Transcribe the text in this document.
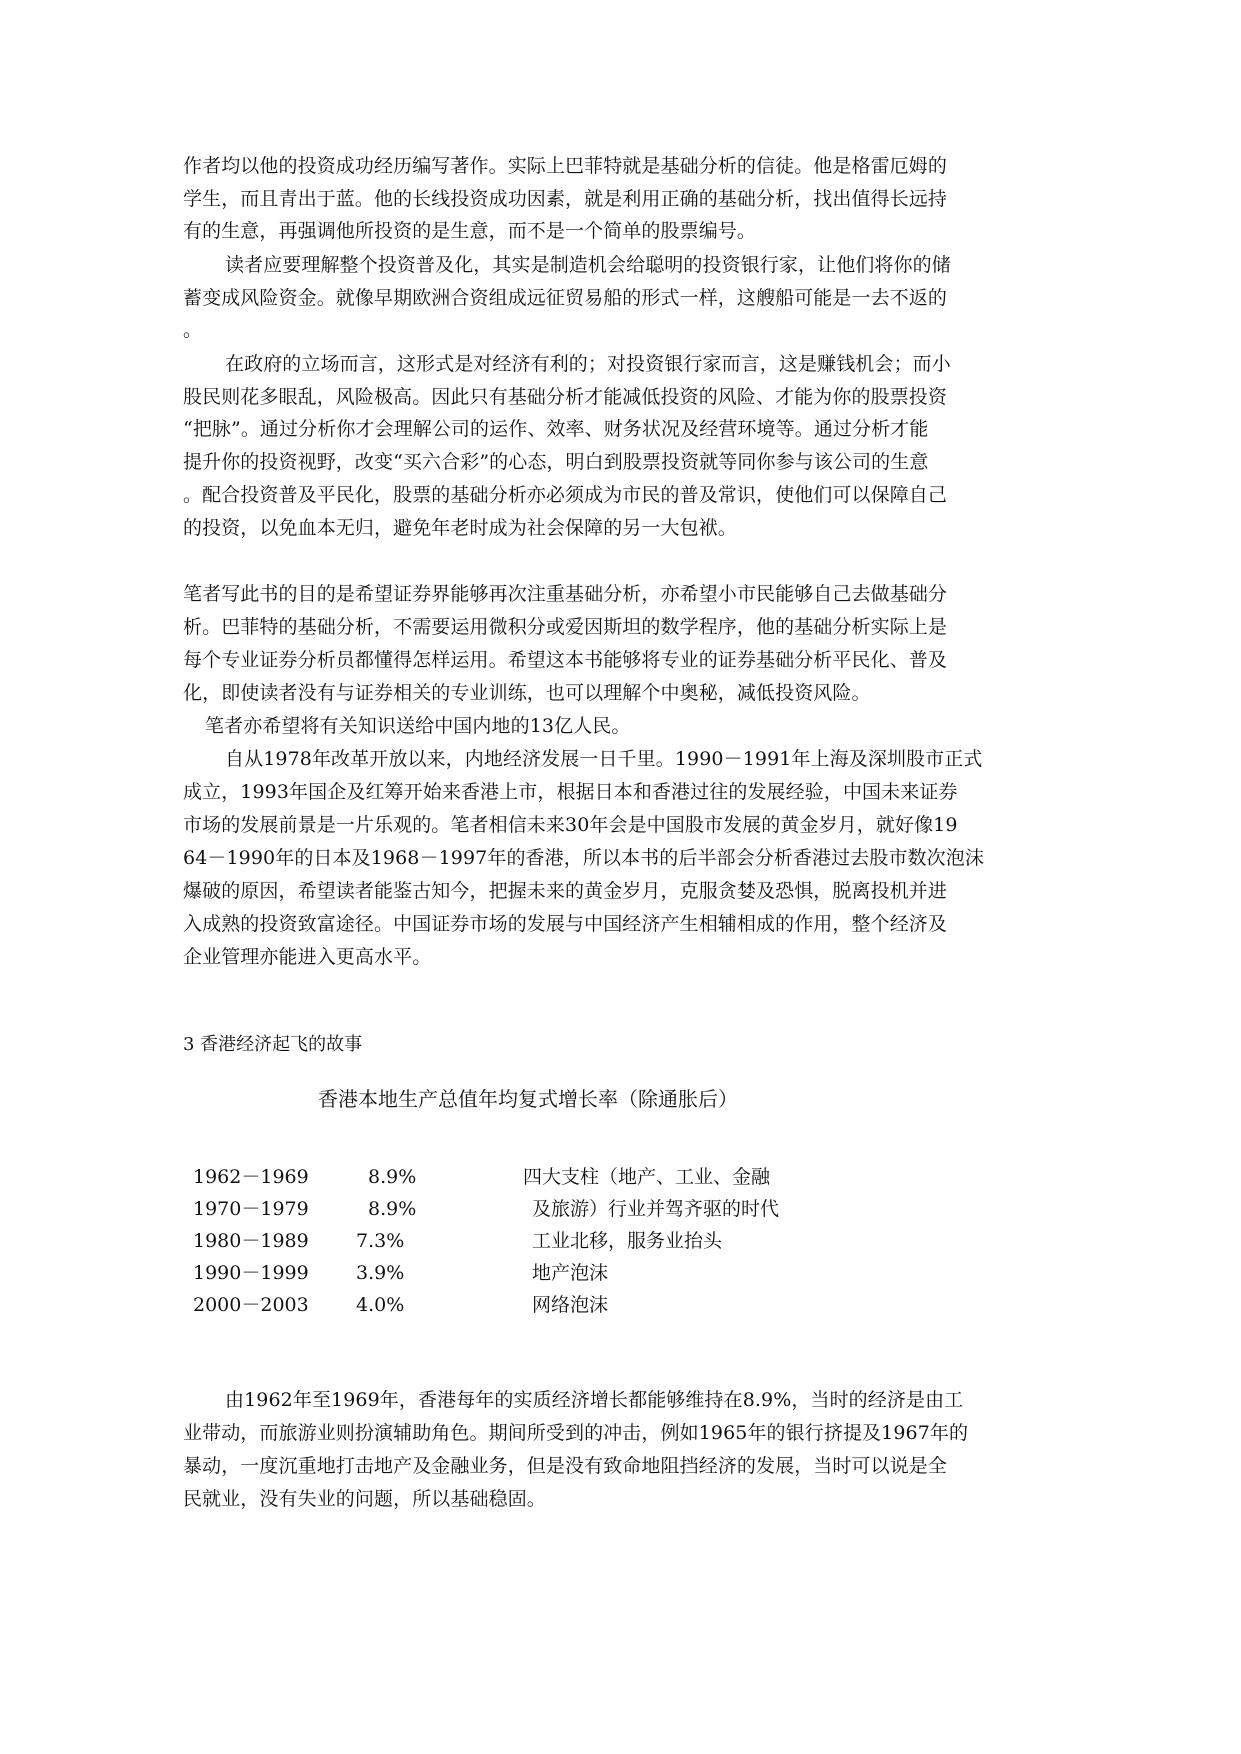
作者均以他的投资成功经历编写著作。实际上巴菲特就是基础分析的信徒。他是格雷厄姆的
学生，而且青出于蓝。他的长线投资成功因素，就是利用正确的基础分析，找出值得长远持
有的生意，再强调他所投资的是生意，而不是一个简单的股票编号。
读者应要理解整个投资普及化，其实是制造机会给聪明的投资银行家，让他们将你的储
蓄变成风险资金。就像早期欧洲合资组成远征贸易船的形式一样，这艘船可能是一去不返的
。
在政府的立场而言，这形式是对经济有利的；对投资银行家而言，这是赚钱机会；而小
股民则花多眼乱，风险极高。因此只有基础分析才能减低投资的风险、才能为你的股票投资
“把脉”。通过分析你才会理解公司的运作、效率、财务状况及经营环境等。通过分析才能
提升你的投资视野，改变“买六合彩”的心态，明白到股票投资就等同你参与该公司的生意
。配合投资普及平民化，股票的基础分析亦必须成为市民的普及常识，使他们可以保障自己
的投资，以免血本无归，避免年老时成为社会保障的另一大包袱。
笔者写此书的目的是希望证券界能够再次注重基础分析，亦希望小市民能够自己去做基础分
析。巴菲特的基础分析，不需要运用微积分或爱因斯坦的数学程序，他的基础分析实际上是
每个专业证券分析员都懂得怎样运用。希望这本书能够将专业的证券基础分析平民化、普及
化，即使读者没有与证券相关的专业训练，也可以理解个中奥秘，减低投资风险。
笔者亦希望将有关知识送给中国内地的13亿人民。
自从1978年改革开放以来，内地经济发展一日千里。1990－1991年上海及深圳股市正式
成立，1993年国企及红筹开始来香港上市，根据日本和香港过往的发展经验，中国未来证券
市场的发展前景是一片乐观的。笔者相信未来30年会是中国股市发展的黄金岁月，就好像19
64－1990年的日本及1968－1997年的香港，所以本书的后半部会分析香港过去股市数次泡沫
爆破的原因，希望读者能鉴古知今，把握未来的黄金岁月，克服贪婪及恐惧，脱离投机并进
入成熟的投资致富途径。中国证券市场的发展与中国经济产生相辅相成的作用，整个经济及
企业管理亦能进入更高水平。
3 香港经济起飞的故事
香港本地生产总值年均复式增长率（除通胀后）
1962－1969	8.9%	四大支柱（地产、工业、金融
1970－1979	8.9%	及旅游）行业并驾齐驱的时代
1980－1989 7.3%	工业北移，服务业抬头
1990－1999 3.9%	地产泡沫
2000－2003 4.0%	网络泡沫
由1962年至1969年，香港每年的实质经济增长都能够维持在8.9%，当时的经济是由工
业带动，而旅游业则扮演辅助角色。期间所受到的冲击，例如1965年的银行挤提及1967年的
暴动，一度沉重地打击地产及金融业务，但是没有致命地阻挡经济的发展，当时可以说是全
民就业，没有失业的问题，所以基础稳固。
